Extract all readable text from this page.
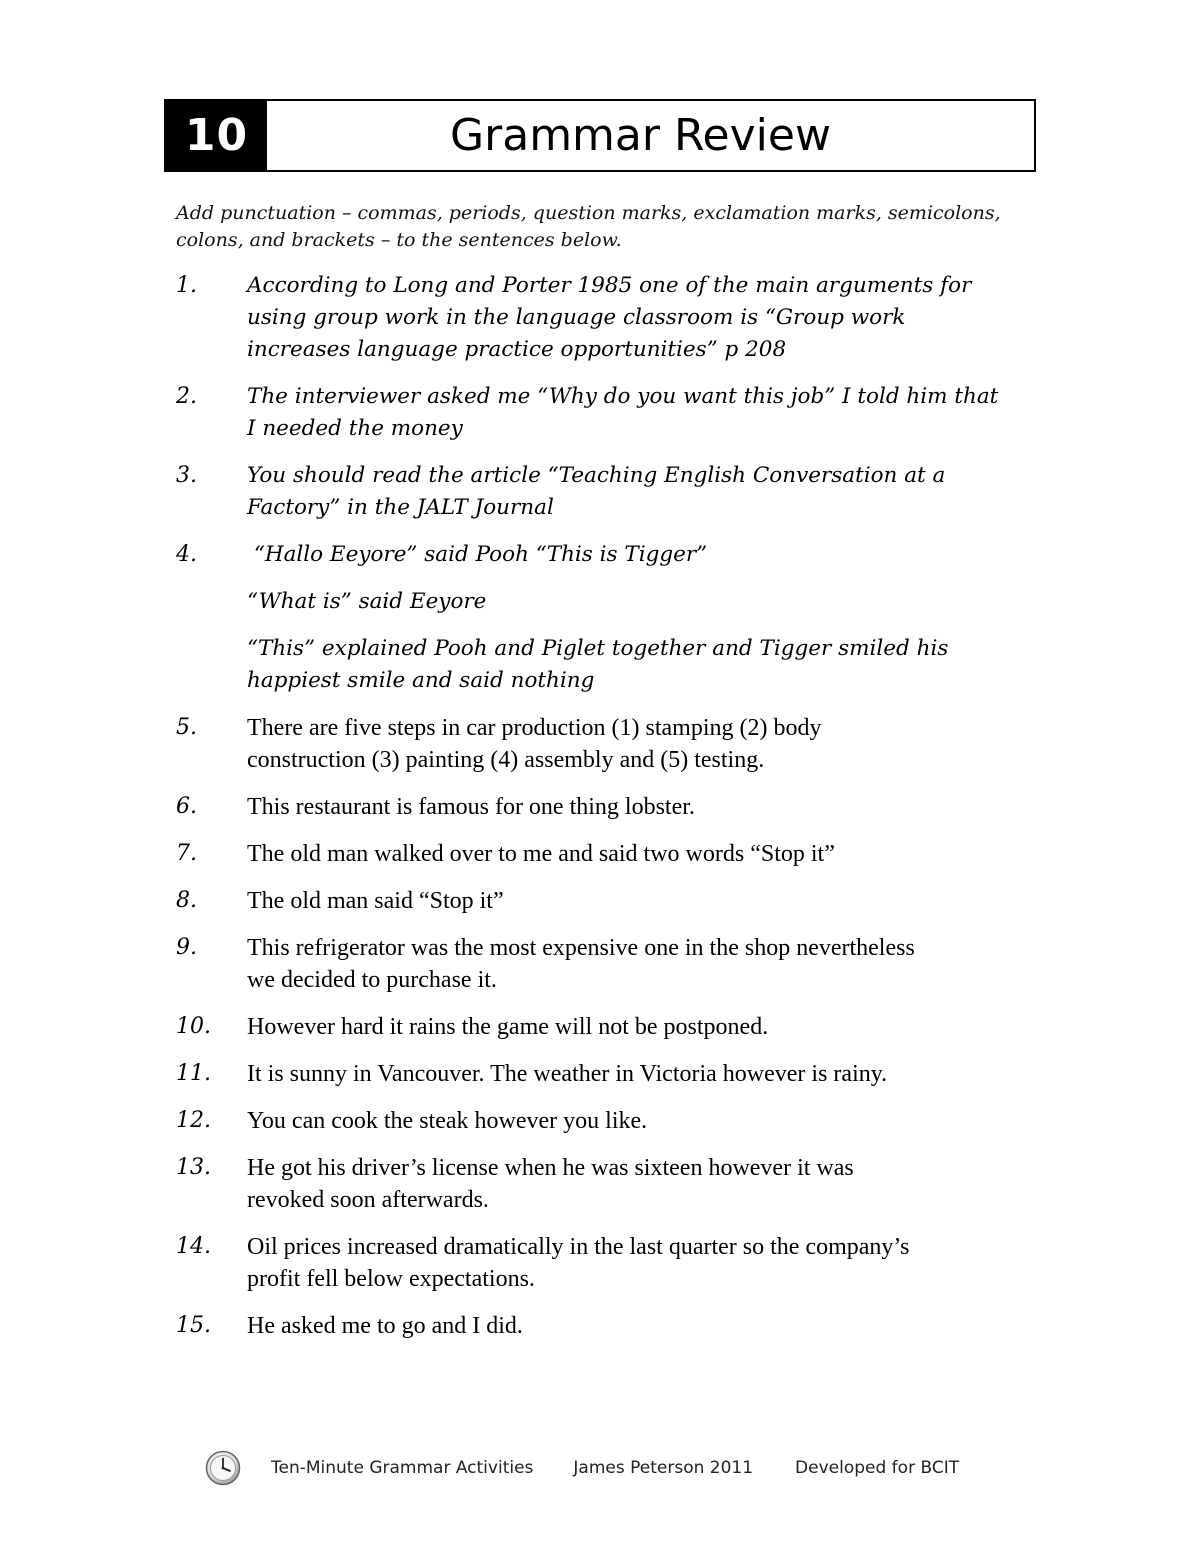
10	Grammar Review
Add punctuation – commas, periods, question marks, exclamation marks, semicolons,
colons, and brackets – to the sentences below.
1. According to Long and Porter 1985 one of the main arguments for
using group work in the language classroom is “Group work
increases language practice opportunities” p 208
2. The interviewer asked me “Why do you want this job” I told him that
I needed the money
3. You should read the article “Teaching English Conversation at a
Factory” in the JALT Journal
4. “Hallo Eeyore” said Pooh “This is Tigger”
“What is” said Eeyore
“This” explained Pooh and Piglet together and Tigger smiled his
happiest smile and said nothing
5. There are five steps in car production (1) stamping (2) body
construction (3) painting (4) assembly and (5) testing.
6. This restaurant is famous for one thing lobster.
7. The old man walked over to me and said two words “Stop it”
8. The old man said “Stop it”
9. This refrigerator was the most expensive one in the shop nevertheless
we decided to purchase it.
10. However hard it rains the game will not be postponed.
11. It is sunny in Vancouver. The weather in Victoria however is rainy.
12. You can cook the steak however you like.
13. He got his driver’s license when he was sixteen however it was
revoked soon afterwards.
14. Oil prices increased dramatically in the last quarter so the company’s
profit fell below expectations.
15. He asked me to go and I did.
Ten-Minute Grammar Activities James Peterson 2011 Developed for BCIT
